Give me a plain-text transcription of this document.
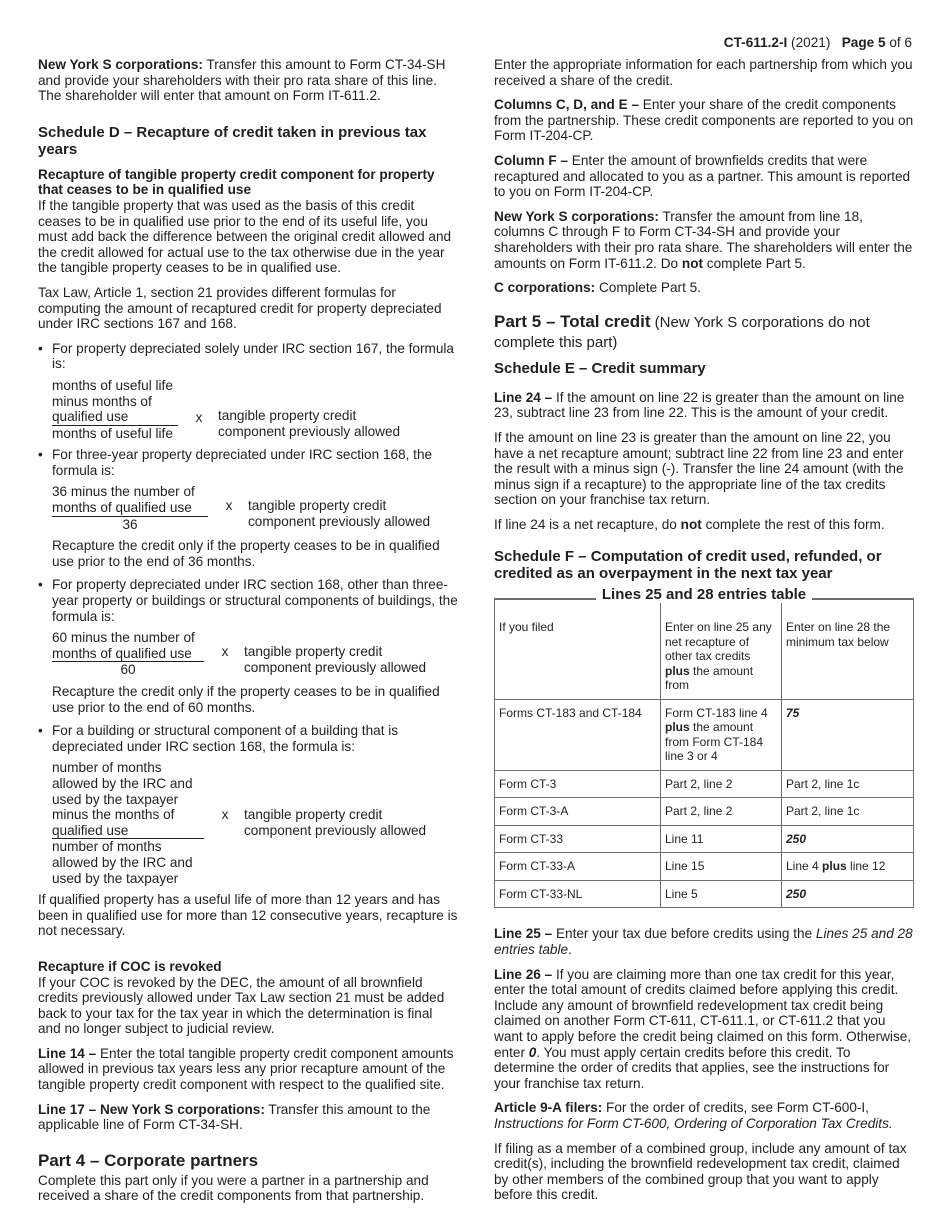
CT-611.2-I (2021) Page 5 of 6

New York S corporations: Transfer this amount to Form CT-34-SH and provide your shareholders with their pro rata share of this line. The shareholder will enter that amount on Form IT-611.2.

Schedule D – Recapture of credit taken in previous tax years
Recapture of tangible property credit component for property that ceases to be in qualified use

If the tangible property that was used as the basis of this credit ceases to be in qualified use prior to the end of its useful life, you must add back the difference between the original credit allowed and the credit allowed for actual use to the tax otherwise due in the year the tangible property ceases to be in qualified use.

Tax Law, Article 1, section 21 provides different formulas for computing the amount of recaptured credit for property depreciated under IRC sections 167 and 168.

• For property depreciated solely under IRC section 167, the formula is:
$\frac{\text{months of useful life minus months of qualified use}}{\text{months of useful life}}$	x	tangible property credit component previously allowed
• For three-year property depreciated under IRC section 168, the formula is:
$\frac{\text{36 minus the number of months of qualified use}}{36}$	x	tangible property credit component previously allowed

Recapture the credit only if the property ceases to be in qualified use prior to the end of 36 months.

• For property depreciated under IRC section 168, other than three-year property or buildings or structural components of buildings, the formula is:
$\frac{\text{60 minus the number of months of qualified use}}{60}$	x	tangible property credit component previously allowed

Recapture the credit only if the property ceases to be in qualified use prior to the end of 60 months.

• For a building or structural component of a building that is depreciated under IRC section 168, the formula is:
number of months allowed by the IRC and used by the taxpayer minus the months of qualified use
number of months allowed by the IRC and used by the taxpayer
x	tangible property credit component previously allowed

If qualified property has a useful life of more than 12 years and has been in qualified use for more than 12 consecutive years, recapture is not necessary.

Recapture if COC is revoked

If your COC is revoked by the DEC, the amount of all brownfield credits previously allowed under Tax Law section 21 must be added back to your tax for the tax year in which the determination is final and no longer subject to judicial review.

Line 14 – Enter the total tangible property credit component amounts allowed in previous tax years less any prior recapture amount of the tangible property credit component with respect to the qualified site.

Line 17 – New York S corporations: Transfer this amount to the applicable line of Form CT-34-SH.

Part 4 – Corporate partners

Complete this part only if you were a partner in a partnership and received a share of the credit components from that partnership.

Enter the appropriate information for each partnership from which you received a share of the credit.

Columns C, D, and E – Enter your share of the credit components from the partnership. These credit components are reported to you on Form IT-204-CP.

Column F – Enter the amount of brownfields credits that were recaptured and allocated to you as a partner. This amount is reported to you on Form IT-204-CP.

New York S corporations: Transfer the amount from line 18, columns C through F to Form CT-34-SH and provide your shareholders with their pro rata share. The shareholders will enter the amounts on Form IT-611.2. Do not complete Part 5.

C corporations: Complete Part 5.

Part 5 – Total credit (New York S corporations do not complete this part)
Schedule E – Credit summary

Line 24 – If the amount on line 22 is greater than the amount on line 23, subtract line 23 from line 22. This is the amount of your credit.

If the amount on line 23 is greater than the amount on line 22, you have a net recapture amount; subtract line 22 from line 23 and enter the result with a minus sign (-). Transfer the line 24 amount (with the minus sign if a recapture) to the appropriate line of the tax credits section on your franchise tax return.

If line 24 is a net recapture, do not complete the rest of this form.

Schedule F – Computation of credit used, refunded, or credited as an overpayment in the next tax year
Lines 25 and 28 entries table
If you filed	Enter on line 25 any net recapture of other tax credits plus the amount from	Enter on line 28 the minimum tax below
Forms CT-183 and CT-184	Form CT-183 line 4 plus the amount from Form CT-184 line 3 or 4	75
Form CT-3	Part 2, line 2	Part 2, line 1c
Form CT-3-A	Part 2, line 2	Part 2, line 1c
Form CT-33	Line 11	250
Form CT-33-A	Line 15	Line 4 plus line 12
Form CT-33-NL	Line 5	250

Line 25 – Enter your tax due before credits using the Lines 25 and 28 entries table.

Line 26 – If you are claiming more than one tax credit for this year, enter the total amount of credits claimed before applying this credit. Include any amount of brownfield redevelopment tax credit being claimed on another Form CT-611, CT-611.1, or CT-611.2 that you want to apply before the credit being claimed on this form. Otherwise, enter 0. You must apply certain credits before this credit. To determine the order of credits that applies, see the instructions for your franchise tax return.

Article 9-A filers: For the order of credits, see Form CT-600-I, Instructions for Form CT-600, Ordering of Corporation Tax Credits.

If filing as a member of a combined group, include any amount of tax credit(s), including the brownfield redevelopment tax credit, claimed by other members of the combined group that you want to apply before this credit.
